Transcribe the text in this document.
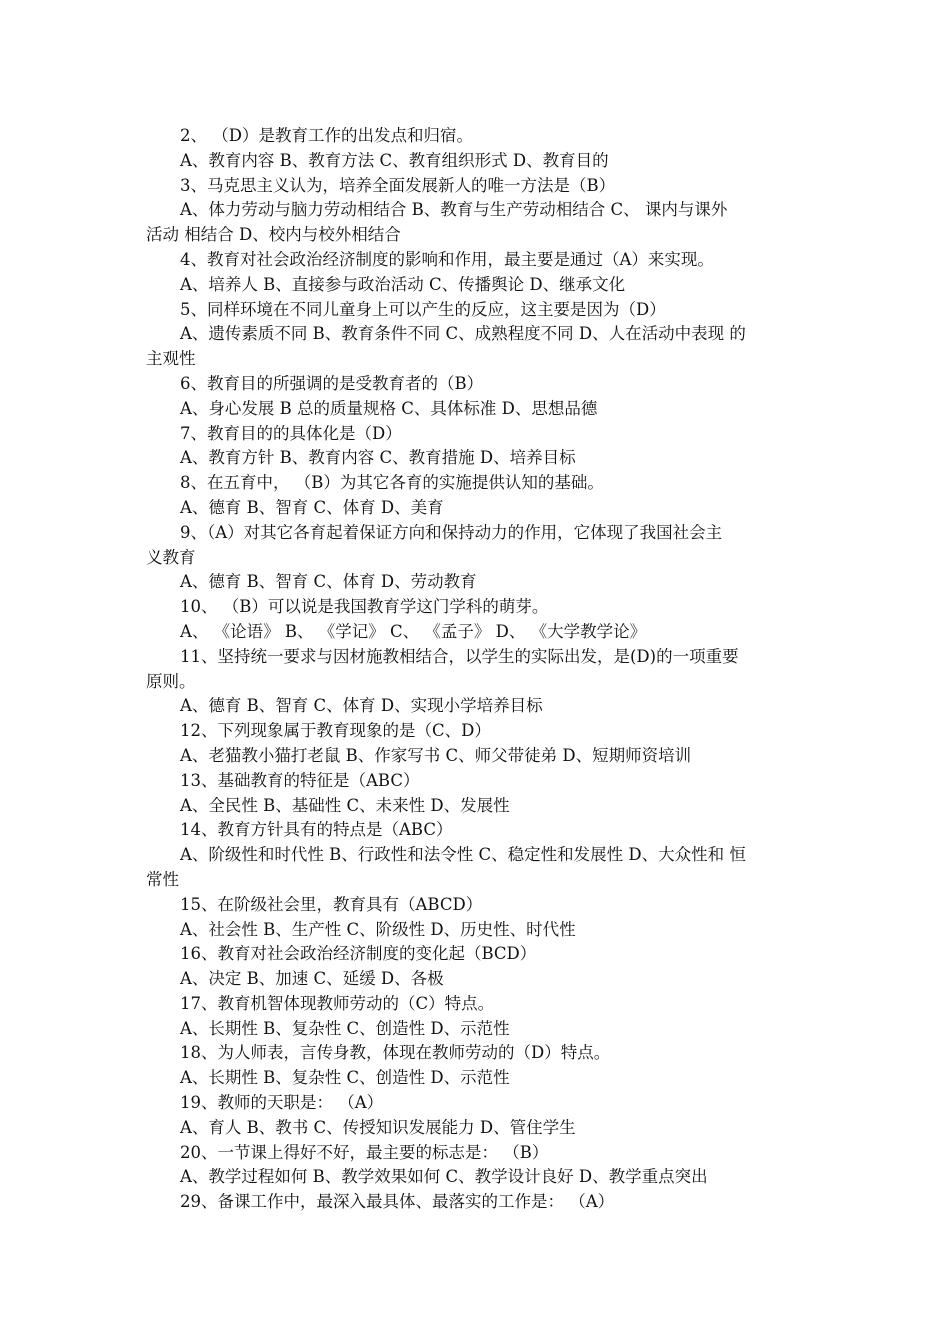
2、 （D）是教育工作的出发点和归宿。
A、教育内容 B、教育方法 C、教育组织形式 D、教育目的
3、马克思主义认为，培养全面发展新人的唯一方法是（B）
A、体力劳动与脑力劳动相结合 B、教育与生产劳动相结合 C、 课内与课外
活动 相结合 D、校内与校外相结合
4、教育对社会政治经济制度的影响和作用，最主要是通过（A）来实现。
A、培养人 B、直接参与政治活动 C、传播舆论 D、继承文化
5、同样环境在不同儿童身上可以产生的反应，这主要是因为（D）
A、遗传素质不同 B、教育条件不同 C、成熟程度不同 D、人在活动中表现 的
主观性
6、教育目的所强调的是受教育者的（B）
A、身心发展 B 总的质量规格 C、具体标准 D、思想品德
7、教育目的的具体化是（D）
A、教育方针 B、教育内容 C、教育措施 D、培养目标
8、在五育中， （B）为其它各育的实施提供认知的基础。
A、德育 B、智育 C、体育 D、美育
9、（A）对其它各育起着保证方向和保持动力的作用，它体现了我国社会主
义教育
A、德育 B、智育 C、体育 D、劳动教育
10、 （B）可以说是我国教育学这门学科的萌芽。
A、 《论语》 B、 《学记》 C、 《孟子》 D、 《大学教学论》
11、坚持统一要求与因材施教相结合，以学生的实际出发，是(D)的一项重要
原则。
A、德育 B、智育 C、体育 D、实现小学培养目标
12、下列现象属于教育现象的是（C、D）
A、老猫教小猫打老鼠 B、作家写书 C、师父带徒弟 D、短期师资培训
13、基础教育的特征是（ABC）
A、全民性 B、基础性 C、未来性 D、发展性
14、教育方针具有的特点是（ABC）
A、阶级性和时代性 B、行政性和法令性 C、稳定性和发展性 D、大众性和 恒
常性
15、在阶级社会里，教育具有（ABCD）
A、社会性 B、生产性 C、阶级性 D、历史性、时代性
16、教育对社会政治经济制度的变化起（BCD）
A、决定 B、加速 C、延缓 D、各极
17、教育机智体现教师劳动的（C）特点。
A、长期性 B、复杂性 C、创造性 D、示范性
18、为人师表，言传身教，体现在教师劳动的（D）特点。
A、长期性 B、复杂性 C、创造性 D、示范性
19、教师的天职是： （A）
A、育人 B、教书 C、传授知识发展能力 D、管住学生
20、一节课上得好不好，最主要的标志是： （B）
A、教学过程如何 B、教学效果如何 C、教学设计良好 D、教学重点突出
29、备课工作中，最深入最具体、最落实的工作是： （A）
